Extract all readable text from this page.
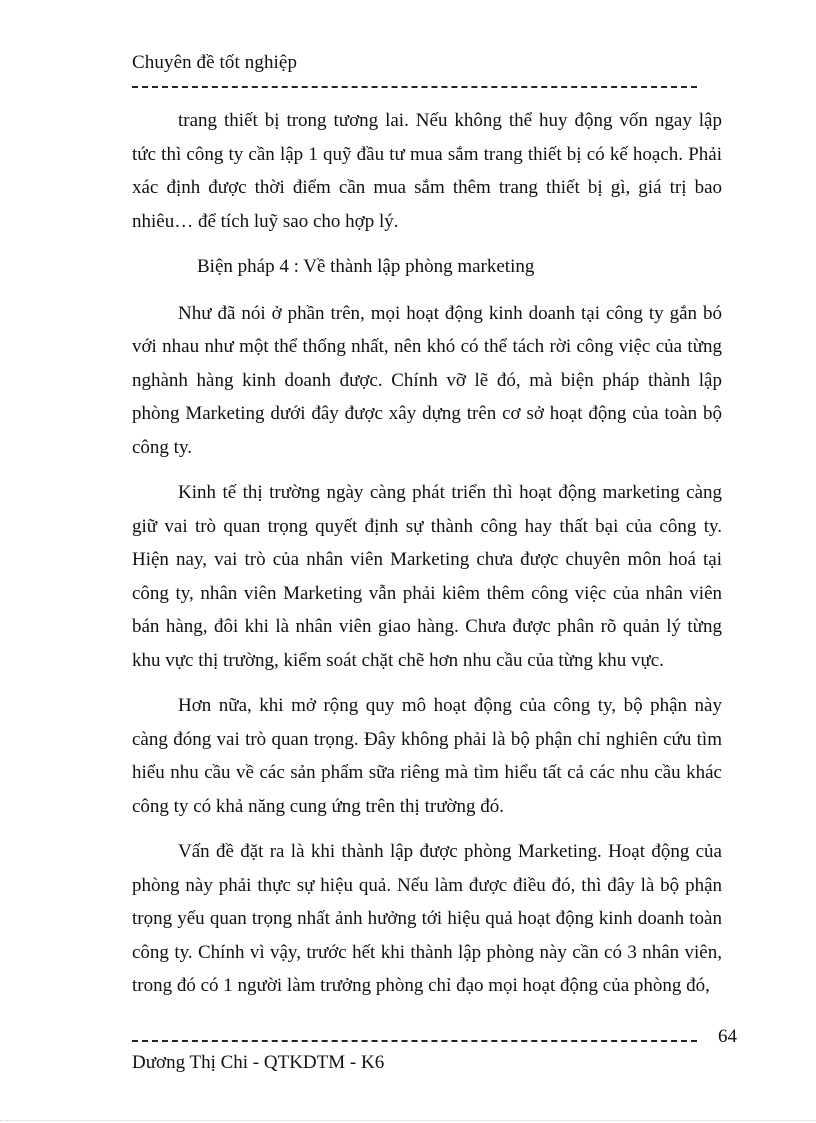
Chuyên đề tốt nghiệp

trang thiết bị trong tương lai. Nếu không thể huy động vốn ngay lập tức thì công ty cần lập 1 quỹ đầu tư mua sắm trang thiết bị có kế hoạch. Phải xác định được thời điểm cần mua sắm thêm trang thiết bị gì, giá trị bao nhiêu… để tích luỹ sao cho hợp lý.

Biện pháp 4 : Về thành lập phòng marketing

Như đã nói ở phần trên, mọi hoạt động kinh doanh tại công ty gắn bó với nhau như một thể thống nhất, nên khó có thể tách rời công việc của từng nghành hàng kinh doanh được. Chính vỡ lẽ đó, mà biện pháp thành lập phòng Marketing dưới đây được xây dựng trên cơ sở hoạt động của toàn bộ công ty.

Kinh tế thị trường ngày càng phát triển thì hoạt động marketing càng giữ vai trò quan trọng quyết định sự thành công hay thất bại của công ty. Hiện nay, vai trò của nhân viên Marketing chưa được chuyên môn hoá tại công ty, nhân viên Marketing vẫn phải kiêm thêm công việc của nhân viên bán hàng, đôi khi là nhân viên giao hàng. Chưa được phân rõ quản lý từng khu vực thị trường, kiểm soát chặt chẽ hơn nhu cầu của từng khu vực.

Hơn nữa, khi mở rộng quy mô hoạt động của công ty, bộ phận này càng đóng vai trò quan trọng. Đây không phải là bộ phận chỉ nghiên cứu tìm hiểu nhu cầu về các sản phẩm sữa riêng mà tìm hiểu tất cả các nhu cầu khác công ty có khả năng cung ứng trên thị trường đó.

Vấn đề đặt ra là khi thành lập được phòng Marketing. Hoạt động của phòng này phải thực sự hiệu quả. Nếu làm được điều đó, thì đây là bộ phận trọng yếu quan trọng nhất ảnh hưởng tới hiệu quả hoạt động kinh doanh toàn công ty. Chính vì vậy, trước hết khi thành lập phòng này cần có 3 nhân viên, trong đó có 1 người làm trưởng phòng chỉ đạo mọi hoạt động của phòng đó,

64
Dương Thị Chi - QTKDTM - K6
